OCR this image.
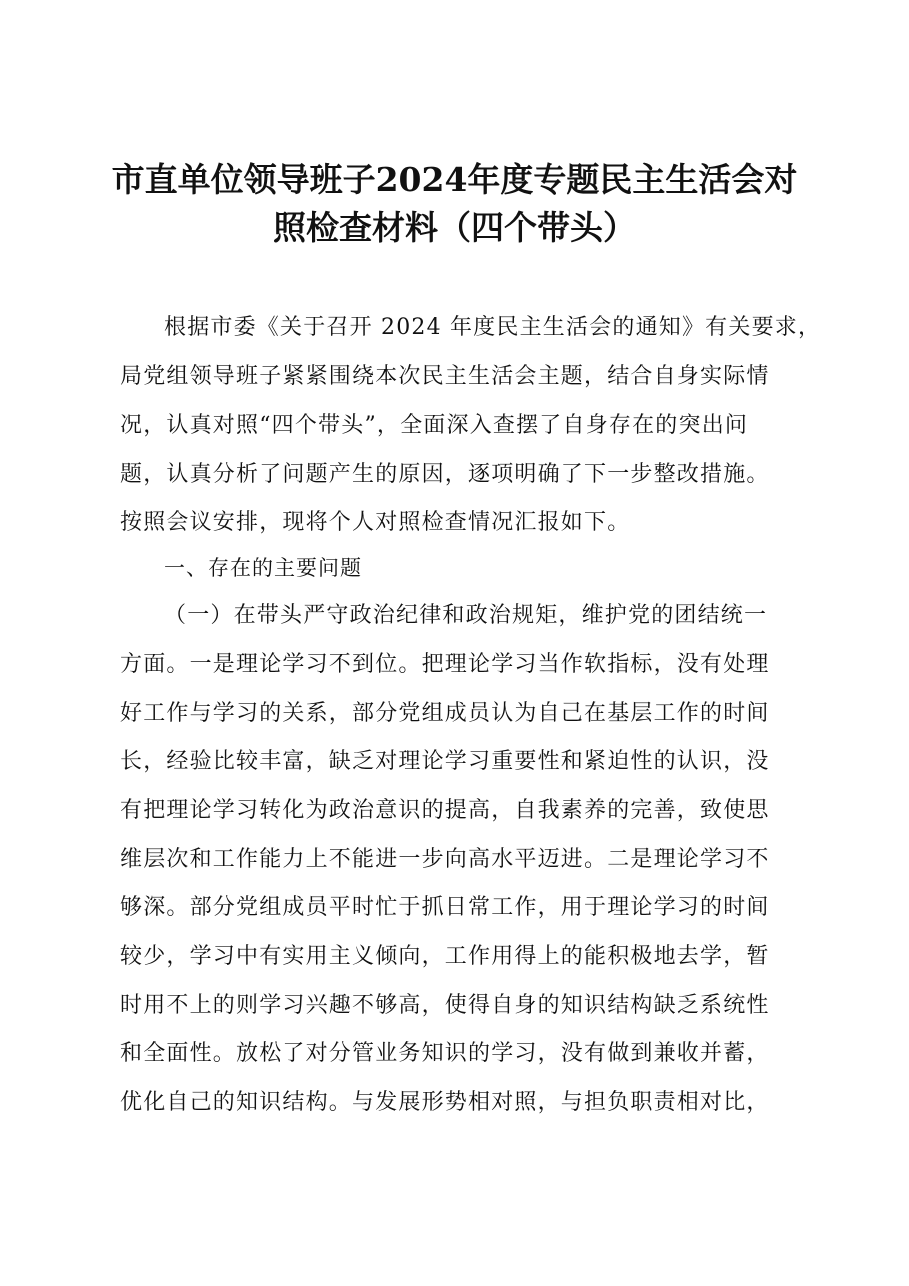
市直单位领导班子2024年度专题民主生活会对
照检查材料（四个带头）
根据市委《关于召开 2024 年度民主生活会的通知》有关要求，
局党组领导班子紧紧围绕本次民主生活会主题，结合自身实际情
况，认真对照“四个带头”，全面深入查摆了自身存在的突出问
题，认真分析了问题产生的原因，逐项明确了下一步整改措施。
按照会议安排，现将个人对照检查情况汇报如下。
一、存在的主要问题
（一）在带头严守政治纪律和政治规矩，维护党的团结统一
方面。一是理论学习不到位。把理论学习当作软指标，没有处理
好工作与学习的关系，部分党组成员认为自己在基层工作的时间
长，经验比较丰富，缺乏对理论学习重要性和紧迫性的认识，没
有把理论学习转化为政治意识的提高，自我素养的完善，致使思
维层次和工作能力上不能进一步向高水平迈进。二是理论学习不
够深。部分党组成员平时忙于抓日常工作，用于理论学习的时间
较少，学习中有实用主义倾向，工作用得上的能积极地去学，暂
时用不上的则学习兴趣不够高，使得自身的知识结构缺乏系统性
和全面性。放松了对分管业务知识的学习，没有做到兼收并蓄，
优化自己的知识结构。与发展形势相对照，与担负职责相对比，
